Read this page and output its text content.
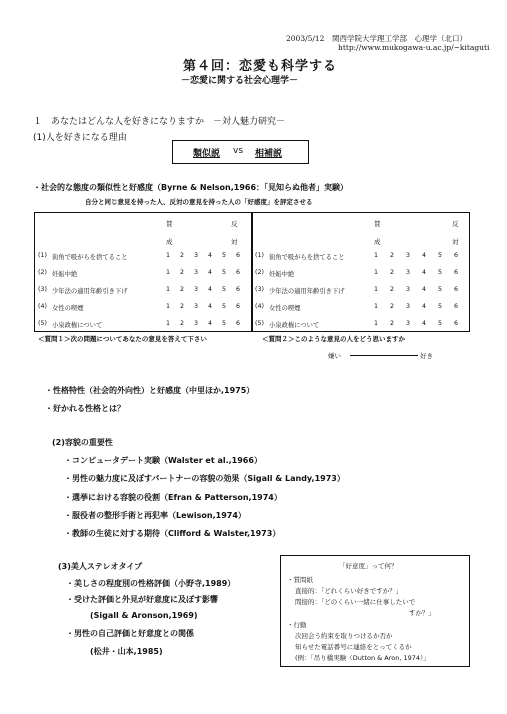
2003/5/12　関西学院大学理工学部　心理学（北口）
http://www.mukogawa-u.ac.jp/~kitaguti
第４回：恋愛も科学する
－恋愛に関する社会心理学－
１　あなたはどんな人を好きになりますか　－対人魅力研究－
(1)人を好きになる理由
類似説 vs 相補説
・社会的な態度の類似性と好感度（Byrne & Nelson,1966：「見知らぬ他者」実験）
自分と同じ意見を持った人、反対の意見を持った人の「好感度」を評定させる
賛	反
成	対
(1) 街角で吸がらを捨てること	1 2 3 4 5 6
(2) 妊娠中絶	1 2 3 4 5 6
(3) 少年法の適用年齢引き下げ	1 2 3 4 5 6
(4) 女性の喫煙	1 2 3 4 5 6
(5) 小泉政権について	1 2 3 4 5 6
賛	反
成	対
(1) 街角で吸がらを捨てること	1 2 3 4 5 6
(2) 妊娠中絶	1 2 3 4 5 6
(3) 少年法の適用年齢引き下げ	1 2 3 4 5 6
(4) 女性の喫煙	1 2 3 4 5 6
(5) 小泉政権について	1 2 3 4 5 6
＜質問１＞次の問題についてあなたの意見を答えて下さい	＜質問２＞このような意見の人をどう思いますか
嫌い	好き
・性格特性（社会的外向性）と好感度（中里ほか,1975）
・好かれる性格とは？
(2)容貌の重要性
・コンピュータデート実験（Walster et al.,1966）
・男性の魅力度に及ぼすパートナーの容貌の効果（Sigall & Landy,1973）
・選挙における容貌の役割（Efran & Patterson,1974）
・服役者の整形手術と再犯率（Lewison,1974）
・教師の生徒に対する期待（Clifford & Walster,1973）
(3)美人ステレオタイプ
・美しさの程度別の性格評価（小野寺,1989）
・受けた評価と外見が好意度に及ぼす影響
(Sigall & Aronson,1969)
・男性の自己評価と好意度との関係
(松井・山本,1985)
「好意度」って何？
・質問紙
直接的：「どれくらい好きですか？」
間接的：「どのくらい一緒に仕事したいで
すか？」
・行動
次回会う約束を取りつけるか否か
知らせた電話番号に連絡をとってくるか
(例：「吊り橋実験（Dutton & Aron, 1974）」
